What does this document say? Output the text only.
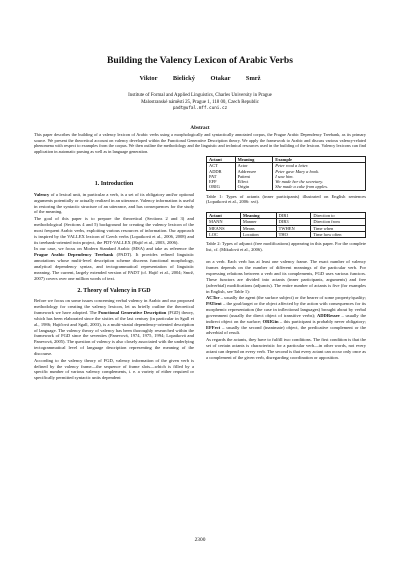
Building the Valency Lexicon of Arabic Verbs
Viktor Bielický Otakar Smrž
Institute of Formal and Applied Linguistics, Charles University in Prague
Malostranské náměstí 25, Prague 1, 118 00, Czech Republic
padt@ufal.mff.cuni.cz
Abstract
This paper describes the building of a valency lexicon of Arabic verbs using a morphologically and syntactically annotated corpus, the Prague Arabic Dependency Treebank, as its primary source. We present the theoretical account on valency developed within the Functional Generative Description theory. We apply the framework to Arabic and discuss various valency-related phenomena with respect to examples from the corpus. We then outline the methodology and the linguistic and technical resources used in the building of the lexicon. Valency lexicons can find application in automatic parsing as well as in language generation.
1. Introduction

Valency of a lexical unit, in particular a verb, is a set of its obligatory and/or optional arguments potentially or actually realized in an utterance. Valency information is useful in restoring the syntactic structure of an utterance, and has consequences for the study of the meaning.

The goal of this paper is to prepare the theoretical (Sections 2 and 3) and methodological (Sections 4 and 5) background for creating the valency lexicon of the most frequent Arabic verbs, exploiting various resources of information. Our approach is inspired by the VALLEX lexicon of Czech verbs (Lopatková et al., 2006, 2008) and its treebank-oriented twin project, the PDT-VALLEX (Hajič et al., 2003, 2006).

In our case, we focus on Modern Standard Arabic (MSA) and take as reference the Prague Arabic Dependency Treebank (PADT). It provides refined linguistic annotations whose multi-level description scheme discerns functional morphology, analytical dependency syntax, and tectogrammatical representation of linguistic meaning. The current, largely extended version of PADT (cf. Hajič et al., 2004; Smrž, 2007) covers over one million words of text.

2. Theory of Valency in FGD

Before we focus on some issues concerning verbal valency in Arabic and our proposed methodology for creating the valency lexicon, let us briefly outline the theoretical framework we have adopted. The Functional Generative Description (FGD) theory, which has been elaborated since the sixties of the last century (in particular in Sgall et al., 1986; Hajičová and Sgall, 2003), is a multi-stratal dependency-oriented description of language. The valency theory of valency has been thoroughly researched within the framework of FGD since the seventies (Panevová, 1974, 1975, 1994; Lopatková and Panevová, 2005). The question of valency is also closely associated with the underlying tectogrammatical level of language description representing the meaning of the discourse.

According to the valency theory of FGD, valency information of the given verb is defined by the valency frame—the sequence of frame slots—which is filled by a specific number of various valency complements, i. e. a variety of either required or specifically permitted syntactic units dependent

Actant	Meaning	Example
ACT	Actor	Peter read a letter.
ADDR	Addressee	Peter gave Mary a book.
PAT	Patient	I saw him.
EFF	Effect	We made her the secretary.
ORIG	Origin	She made a cake from apples.
Table 1: Types of actants (inner participants) illustrated on English sentences (Lopatková et al., 2006: xvi).
Actant	Meaning	DIR1	Direction to
MANN	Manner	DIR3	Direction from
MEANS	Means	TWHEN	Time when
LOC	Location	THO	Time how often
Table 2: Types of adjunct (free modifications) appearing in this paper. For the complete list, cf. (Mikulová et al., 2006).

on a verb. Each verb has at least one valency frame. The exact number of valency frames depends on the number of different meanings of the particular verb. For expressing relations between a verb and its complements, FGD uses various functors. These functors are divided into actants (inner participants, arguments) and free (adverbial) modifications (adjuncts). The entire number of actants is five (for examples in English, see Table 1):

ACTor – usually the agent (the surface subject) or the bearer of some property/quality; PATient – the goal/target or the object affected by the action with consequences for its morphemic representation (the case in inflectional languages) brought about by verbal government (usually the direct object of transitive verbs); ADDRessee – usually the indirect object on the surface; ORIGin – this participant is probably never obligatory; EFFect – usually the second (inanimate) object, the predicative complement or the adverbial of result.

As regards the actants, they have to fulfill two conditions. The first condition is that the set of certain actants is characteristic for a particular verb—in other words, not every actant can depend on every verb. The second is that every actant can occur only once as a complement of the given verb, disregarding coordination or apposition.

2300
